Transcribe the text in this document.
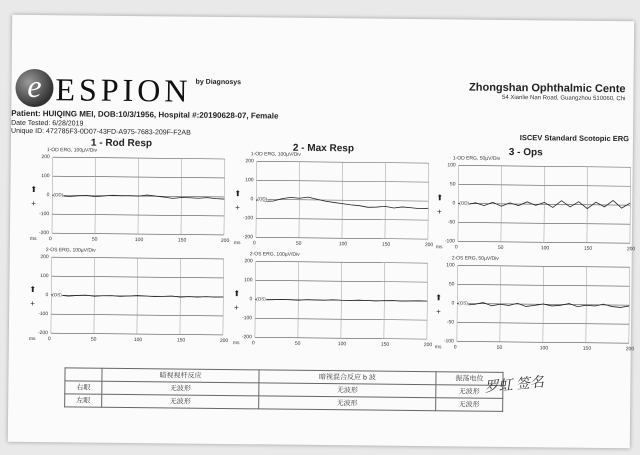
e ESPION by Diagnosys	Zhongshan Ophthalmic Cente
54 Xianlie Nan Road, Guangzhou 510060, Chi
Patient: HUIQING MEI, DOB:10/3/1956, Hospital #:20190628-07, Female
Date Tested: 6/28/2019
Unique ID: 472785F3-0D07-43FD-A975-7683-209F-F2AB
ISCEV Standard Scotopic ERG
1 - Rod Resp	2 - Max Resp	3 - Ops
1-OD ERG, 100µV/Div
200
100
0
-100
-200
0	50	100	150	200
ms
⬆
+
(OD)
2-OS ERG, 100µV/Div
200
100
0
-100
-200
0	50	100	150	200
ms
⬆
+
(OS)
1-OD ERG, 100µV/Div
200
100
0
-100
-200
0	50	100	150	200
ms
⬆
+
(OD)
2-OS ERG, 100µV/Div
200
100
0
-100
-200
0	50	100	150	200
ms
⬆
+
(OS)
1-OD ERG, 50µV/Div
100
50
0
-50
-100
0	50	100	150	200
ms
⬆
+
(OD)
2-OS ERG, 50µV/Div
100
50
0
-50
-100
0	50	100	150	200
ms
⬆
+
(OS)
	暗视视杆反应	暗视混合反应 b 波	振荡电位
右眼	无波形	无波形	无波形
左眼	无波形	无波形	无波形
罗虹 签名
